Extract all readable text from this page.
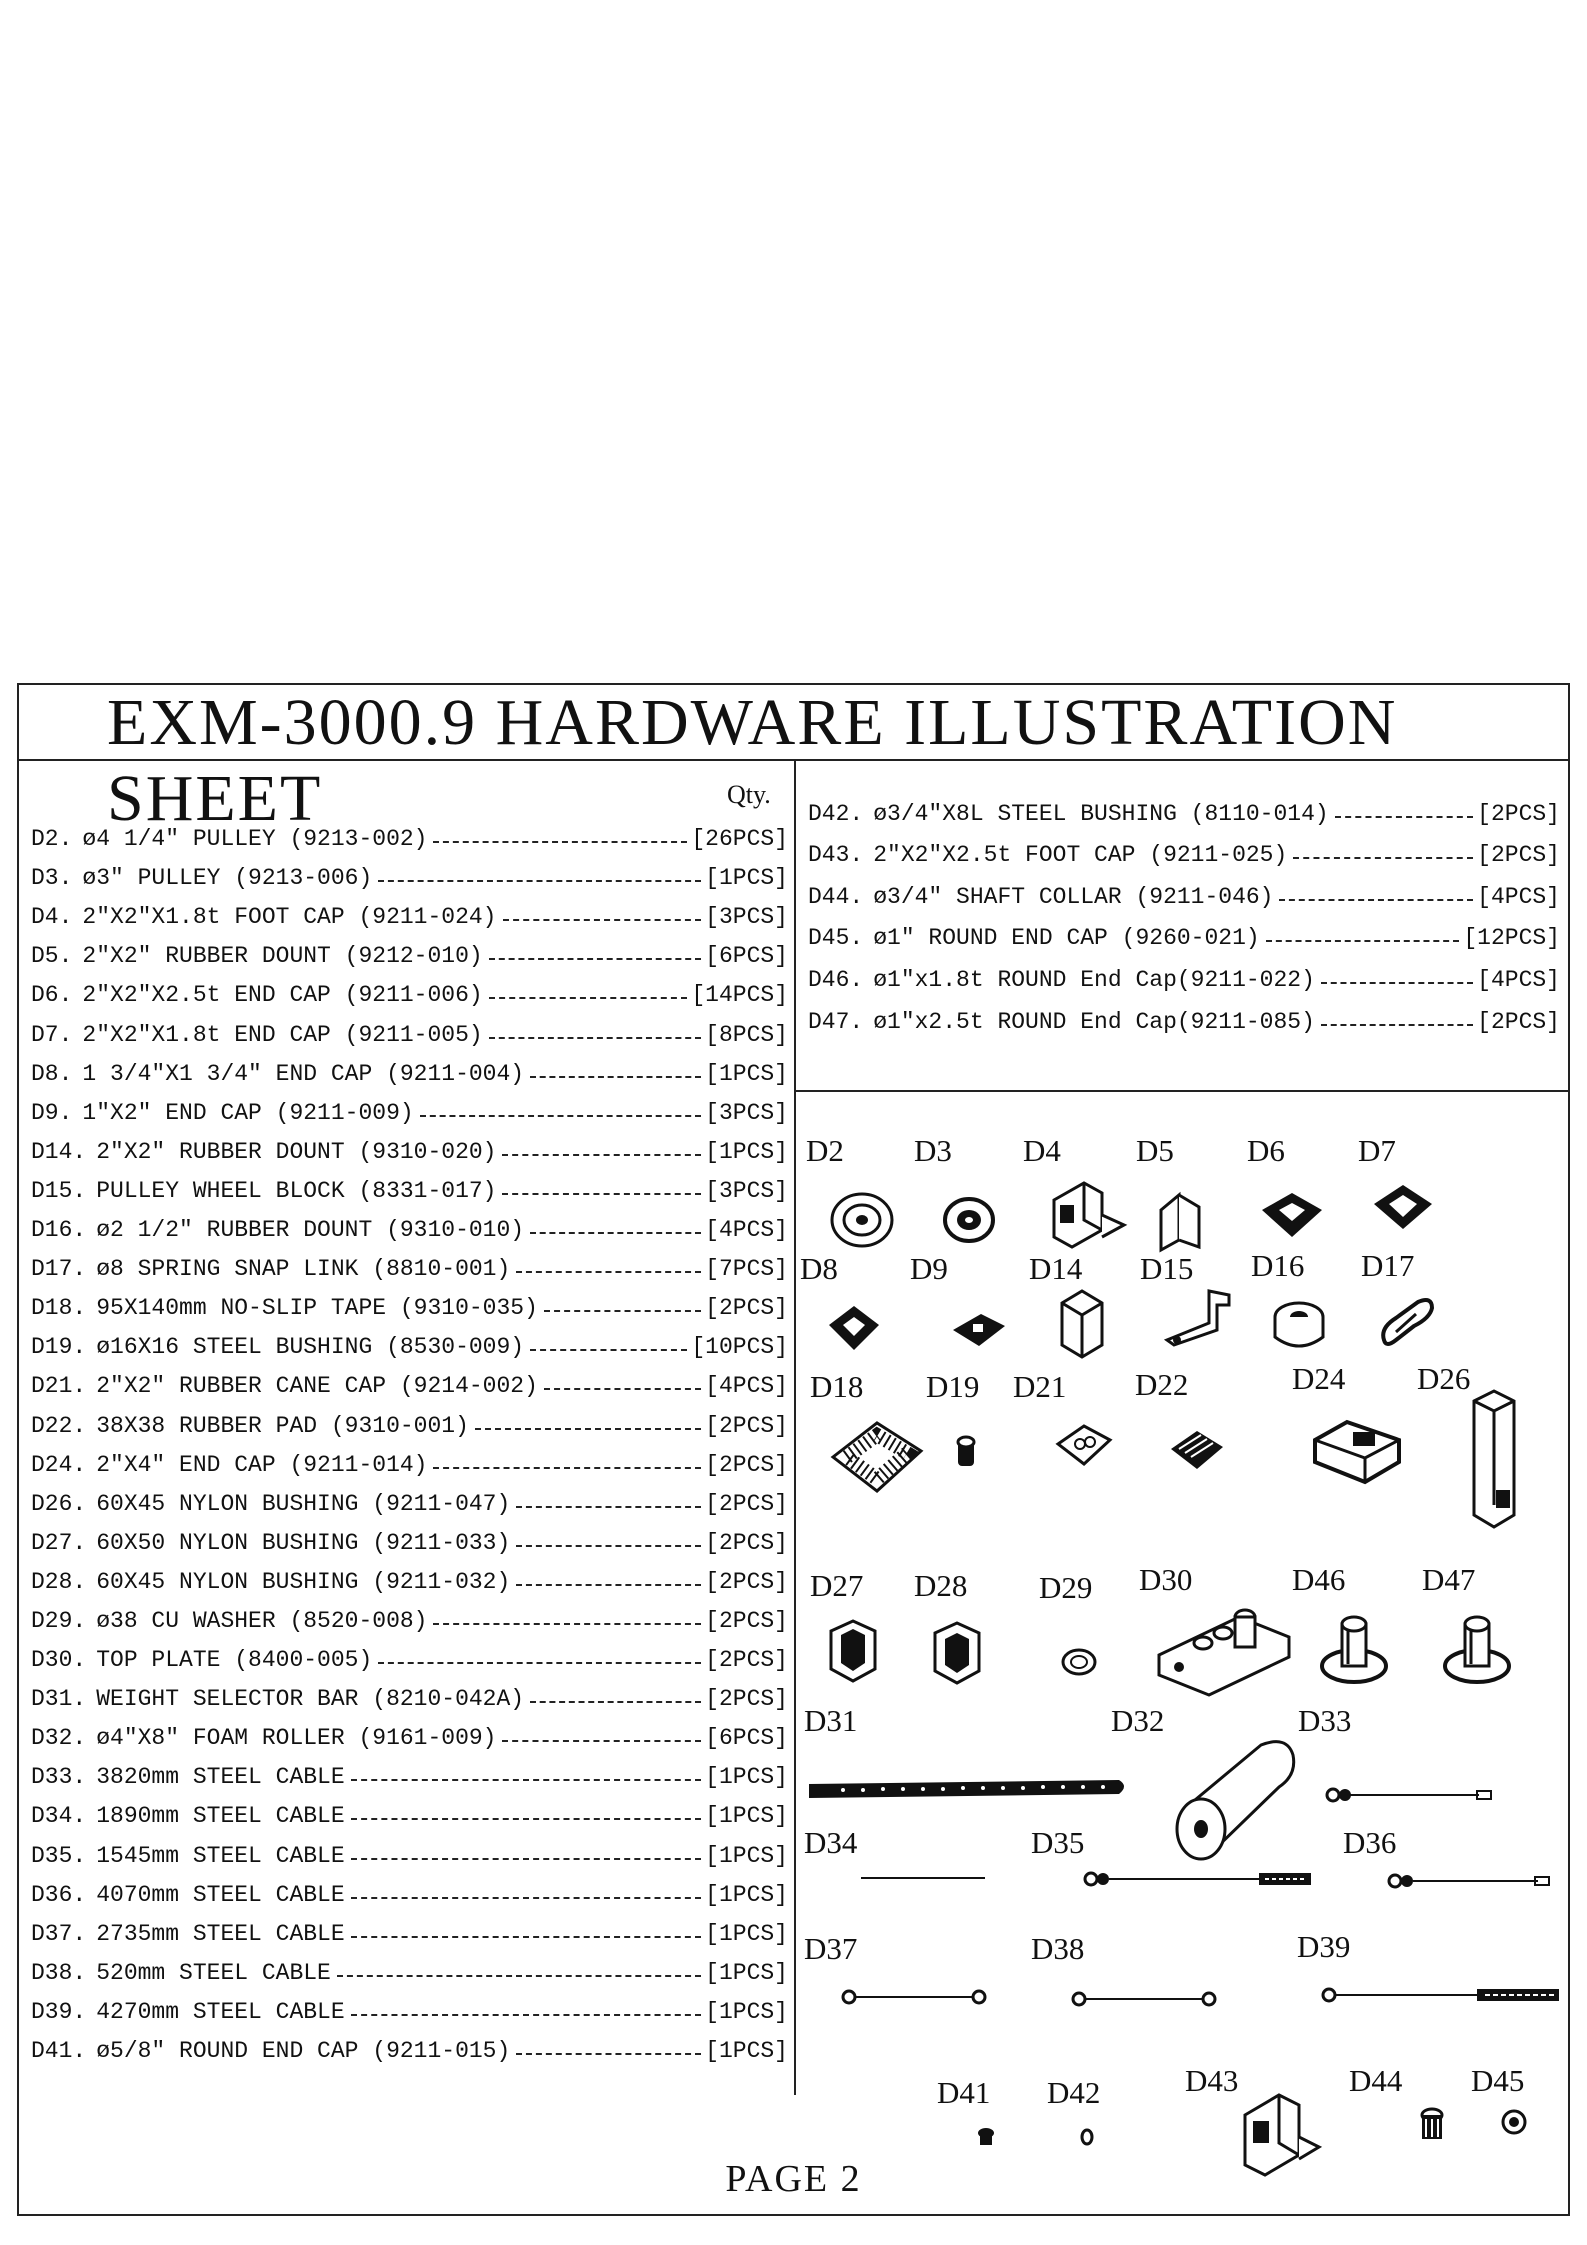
EXM-3000.9 HARDWARE ILLUSTRATION SHEET	Qty.
D2. ø4 1/4" PULLEY (9213-002)	[26PCS]
D3. ø3" PULLEY (9213-006)	[1PCS]
D4. 2"X2"X1.8t FOOT CAP (9211-024)	[3PCS]
D5. 2"X2" RUBBER DOUNT (9212-010)	[6PCS]
D6. 2"X2"X2.5t END CAP (9211-006)	[14PCS]
D7. 2"X2"X1.8t END CAP (9211-005)	[8PCS]
D8. 1 3/4"X1 3/4" END CAP (9211-004)	[1PCS]
D9. 1"X2" END CAP (9211-009)	[3PCS]
D14. 2"X2" RUBBER DOUNT (9310-020)	[1PCS]
D15. PULLEY WHEEL BLOCK (8331-017)	[3PCS]
D16. ø2 1/2" RUBBER DOUNT (9310-010)	[4PCS]
D17. ø8 SPRING SNAP LINK (8810-001)	[7PCS]
D18. 95X140mm NO-SLIP TAPE (9310-035)	[2PCS]
D19. ø16X16 STEEL BUSHING (8530-009)	[10PCS]
D21. 2"X2" RUBBER CANE CAP (9214-002)	[4PCS]
D22. 38X38 RUBBER PAD (9310-001)	[2PCS]
D24. 2"X4" END CAP (9211-014)	[2PCS]
D26. 60X45 NYLON BUSHING (9211-047)	[2PCS]
D27. 60X50 NYLON BUSHING (9211-033)	[2PCS]
D28. 60X45 NYLON BUSHING (9211-032)	[2PCS]
D29. ø38 CU WASHER (8520-008)	[2PCS]
D30. TOP PLATE (8400-005)	[2PCS]
D31. WEIGHT SELECTOR BAR (8210-042A)	[2PCS]
D32. ø4"X8" FOAM ROLLER (9161-009)	[6PCS]
D33. 3820mm STEEL CABLE	[1PCS]
D34. 1890mm STEEL CABLE	[1PCS]
D35. 1545mm STEEL CABLE	[1PCS]
D36. 4070mm STEEL CABLE	[1PCS]
D37. 2735mm STEEL CABLE	[1PCS]
D38. 520mm STEEL CABLE	[1PCS]
D39. 4270mm STEEL CABLE	[1PCS]
D41. ø5/8" ROUND END CAP (9211-015)	[1PCS]
D42. ø3/4"X8L STEEL BUSHING (8110-014)	[2PCS]
D43. 2"X2"X2.5t FOOT CAP (9211-025)	[2PCS]
D44. ø3/4" SHAFT COLLAR (9211-046)	[4PCS]
D45. ø1" ROUND END CAP (9260-021)	[12PCS]
D46. ø1"x1.8t ROUND End Cap(9211-022)	[4PCS]
D47. ø1"x2.5t ROUND End Cap(9211-085)	[2PCS]
D2 D3 D4 D5 D6 D7
D8 D9	D14 D15 D16 D17
D18 D19 D21 D22	D24 D26
D27 D28 D29 D30	D46 D47
D31	D32	D33
D34	D35	D36
D37	D38	D39
D41 D42	D43	D44 D45
PAGE 2
